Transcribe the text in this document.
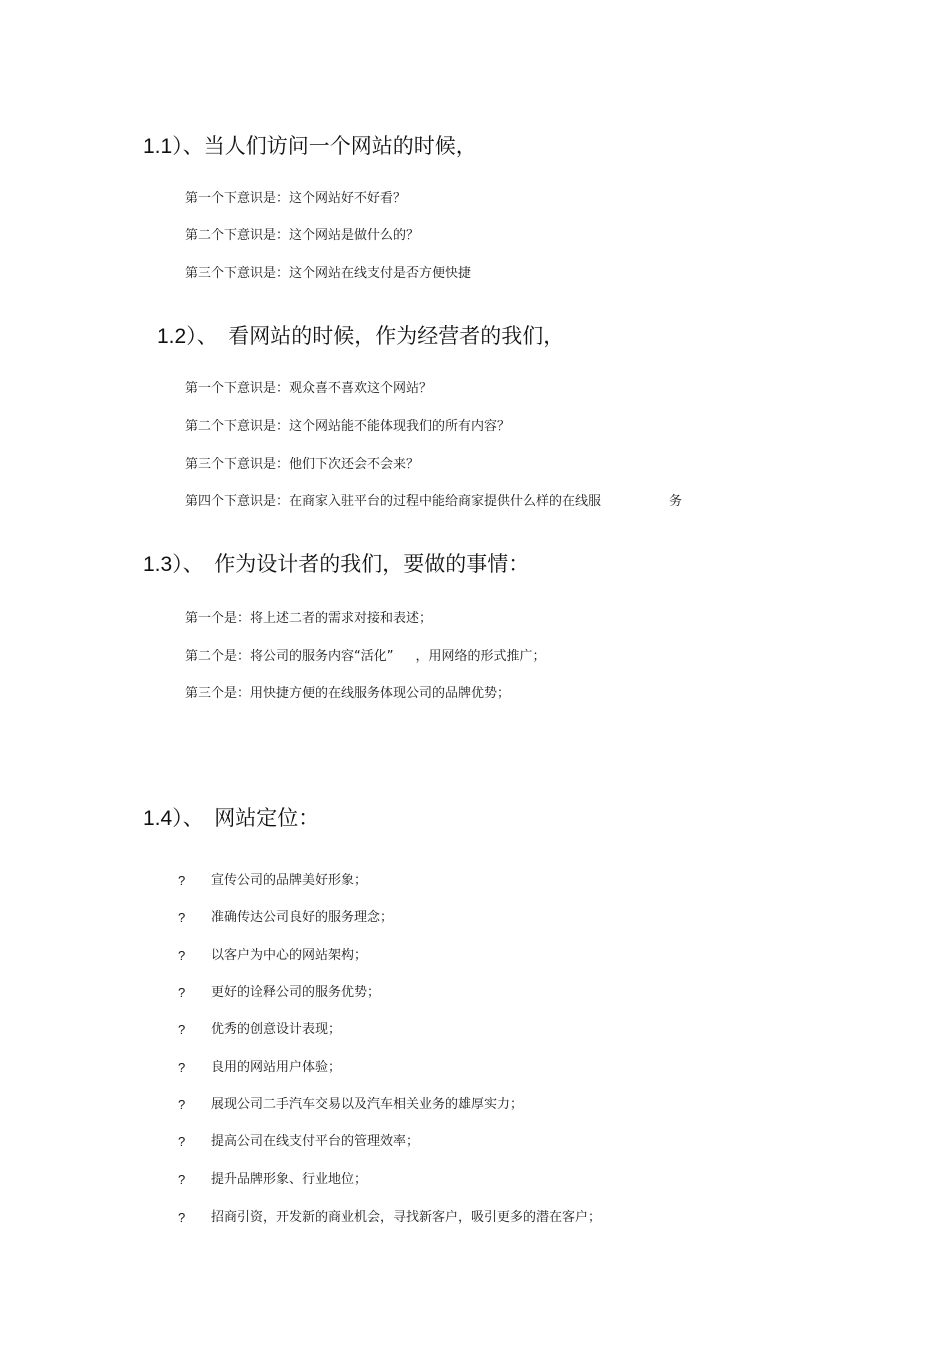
1.1）、当人们访问一个网站的时候，

第一个下意识是：这个网站好不好看？

第二个下意识是：这个网站是做什么的？

第三个下意识是：这个网站在线支付是否方便快捷

1.2）、　看网站的时候，作为经营者的我们，

第一个下意识是：观众喜不喜欢这个网站？

第二个下意识是：这个网站能不能体现我们的所有内容？

第三个下意识是：他们下次还会不会来？

第四个下意识是：在商家入驻平台的过程中能给商家提供什么样的在线服	务

1.3）、　作为设计者的我们，要做的事情：

第一个是：将上述二者的需求对接和表述；

第二个是：将公司的服务内容“活化” ，用网络的形式推广；

第三个是：用快捷方便的在线服务体现公司的品牌优势；

1.4）、　网站定位：
?	宣传公司的品牌美好形象；

?	准确传达公司良好的服务理念；

?	以客户为中心的网站架构；

?	更好的诠释公司的服务优势；

?	优秀的创意设计表现；

?	良用的网站用户体验；

?	展现公司二手汽车交易以及汽车相关业务的雄厚实力；

?	提高公司在线支付平台的管理效率；

?	提升品牌形象、行业地位；

?	招商引资，开发新的商业机会，寻找新客户，吸引更多的潜在客户；
